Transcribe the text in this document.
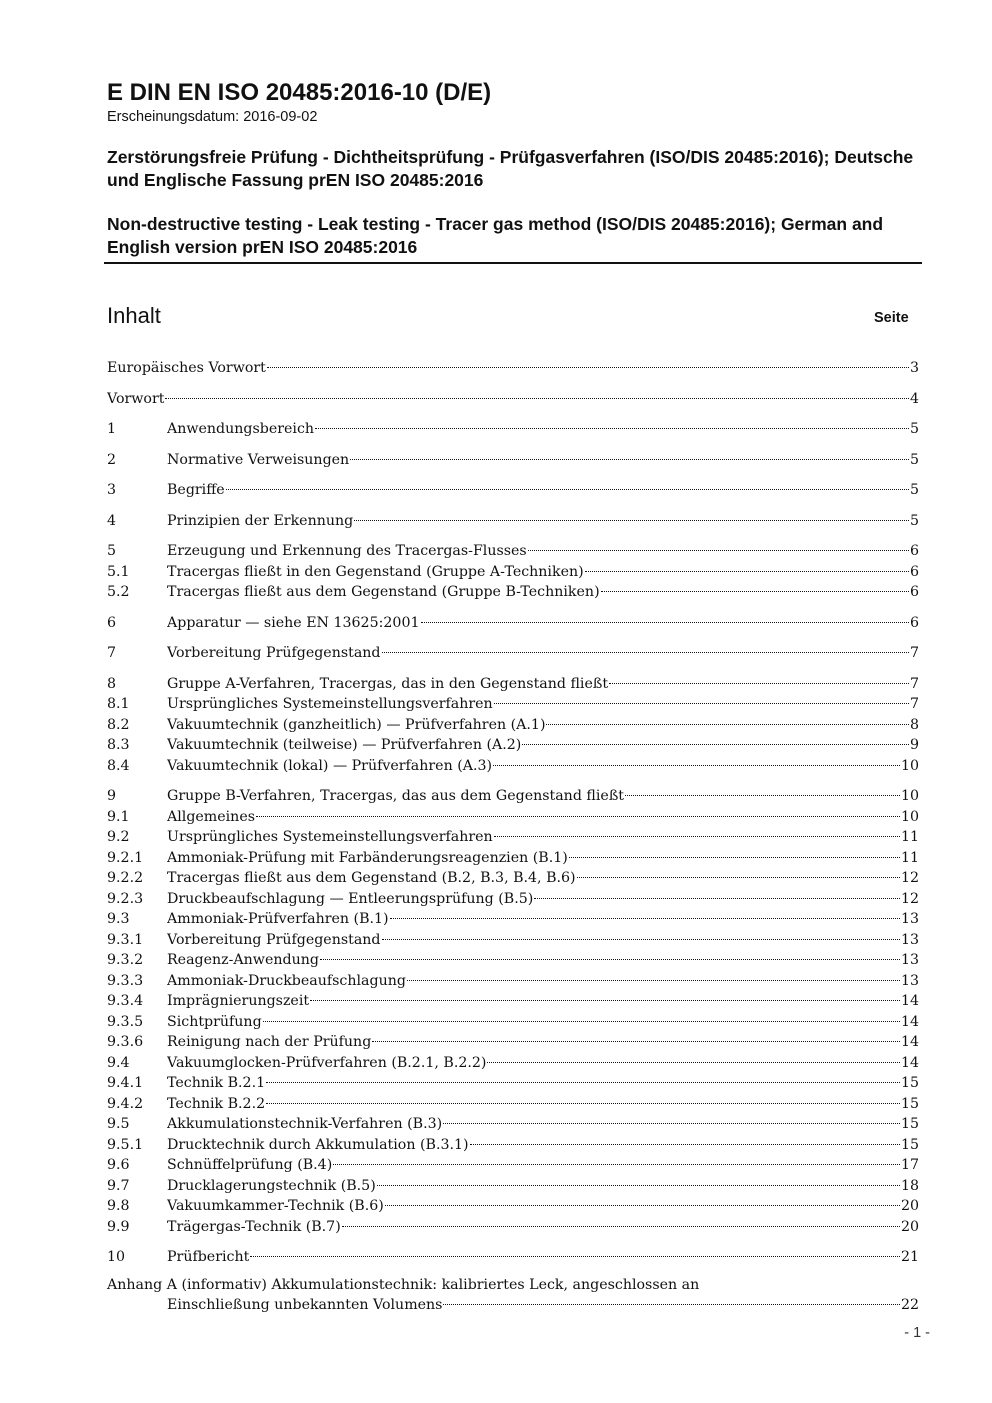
E DIN EN ISO 20485:2016-10 (D/E)
Erscheinungsdatum: 2016-09-02
Zerstörungsfreie Prüfung - Dichtheitsprüfung - Prüfgasverfahren (ISO/DIS 20485:2016); Deutsche und Englische Fassung prEN ISO 20485:2016
Non-destructive testing - Leak testing - Tracer gas method (ISO/DIS 20485:2016); German and English version prEN ISO 20485:2016
Inhalt	Seite
Europäisches Vorwort	3
Vorwort	4
1	Anwendungsbereich	5
2	Normative Verweisungen	5
3	Begriffe	5
4	Prinzipien der Erkennung	5
5	Erzeugung und Erkennung des Tracergas-Flusses	6
5.1	Tracergas fließt in den Gegenstand (Gruppe A-Techniken)	6
5.2	Tracergas fließt aus dem Gegenstand (Gruppe B-Techniken)	6
6	Apparatur — siehe EN 13625:2001	6
7	Vorbereitung Prüfgegenstand	7
8	Gruppe A-Verfahren, Tracergas, das in den Gegenstand fließt	7
8.1	Ursprüngliches Systemeinstellungsverfahren	7
8.2	Vakuumtechnik (ganzheitlich) — Prüfverfahren (A.1)	8
8.3	Vakuumtechnik (teilweise) — Prüfverfahren (A.2)	9
8.4	Vakuumtechnik (lokal) — Prüfverfahren (A.3)	10
9	Gruppe B-Verfahren, Tracergas, das aus dem Gegenstand fließt	10
9.1	Allgemeines	10
9.2	Ursprüngliches Systemeinstellungsverfahren	11
9.2.1	Ammoniak-Prüfung mit Farbänderungsreagenzien (B.1)	11
9.2.2	Tracergas fließt aus dem Gegenstand (B.2, B.3, B.4, B.6)	12
9.2.3	Druckbeaufschlagung — Entleerungsprüfung (B.5)	12
9.3	Ammoniak-Prüfverfahren (B.1)	13
9.3.1	Vorbereitung Prüfgegenstand	13
9.3.2	Reagenz-Anwendung	13
9.3.3	Ammoniak-Druckbeaufschlagung	13
9.3.4	Imprägnierungszeit	14
9.3.5	Sichtprüfung	14
9.3.6	Reinigung nach der Prüfung	14
9.4	Vakuumglocken-Prüfverfahren (B.2.1, B.2.2)	14
9.4.1	Technik B.2.1	15
9.4.2	Technik B.2.2	15
9.5	Akkumulationstechnik-Verfahren (B.3)	15
9.5.1	Drucktechnik durch Akkumulation (B.3.1)	15
9.6	Schnüffelprüfung (B.4)	17
9.7	Drucklagerungstechnik (B.5)	18
9.8	Vakuumkammer-Technik (B.6)	20
9.9	Trägergas-Technik (B.7)	20
10	Prüfbericht	21
Anhang A (informativ) Akkumulationstechnik: kalibriertes Leck, angeschlossen an
Einschließung unbekannten Volumens	22
- 1 -
